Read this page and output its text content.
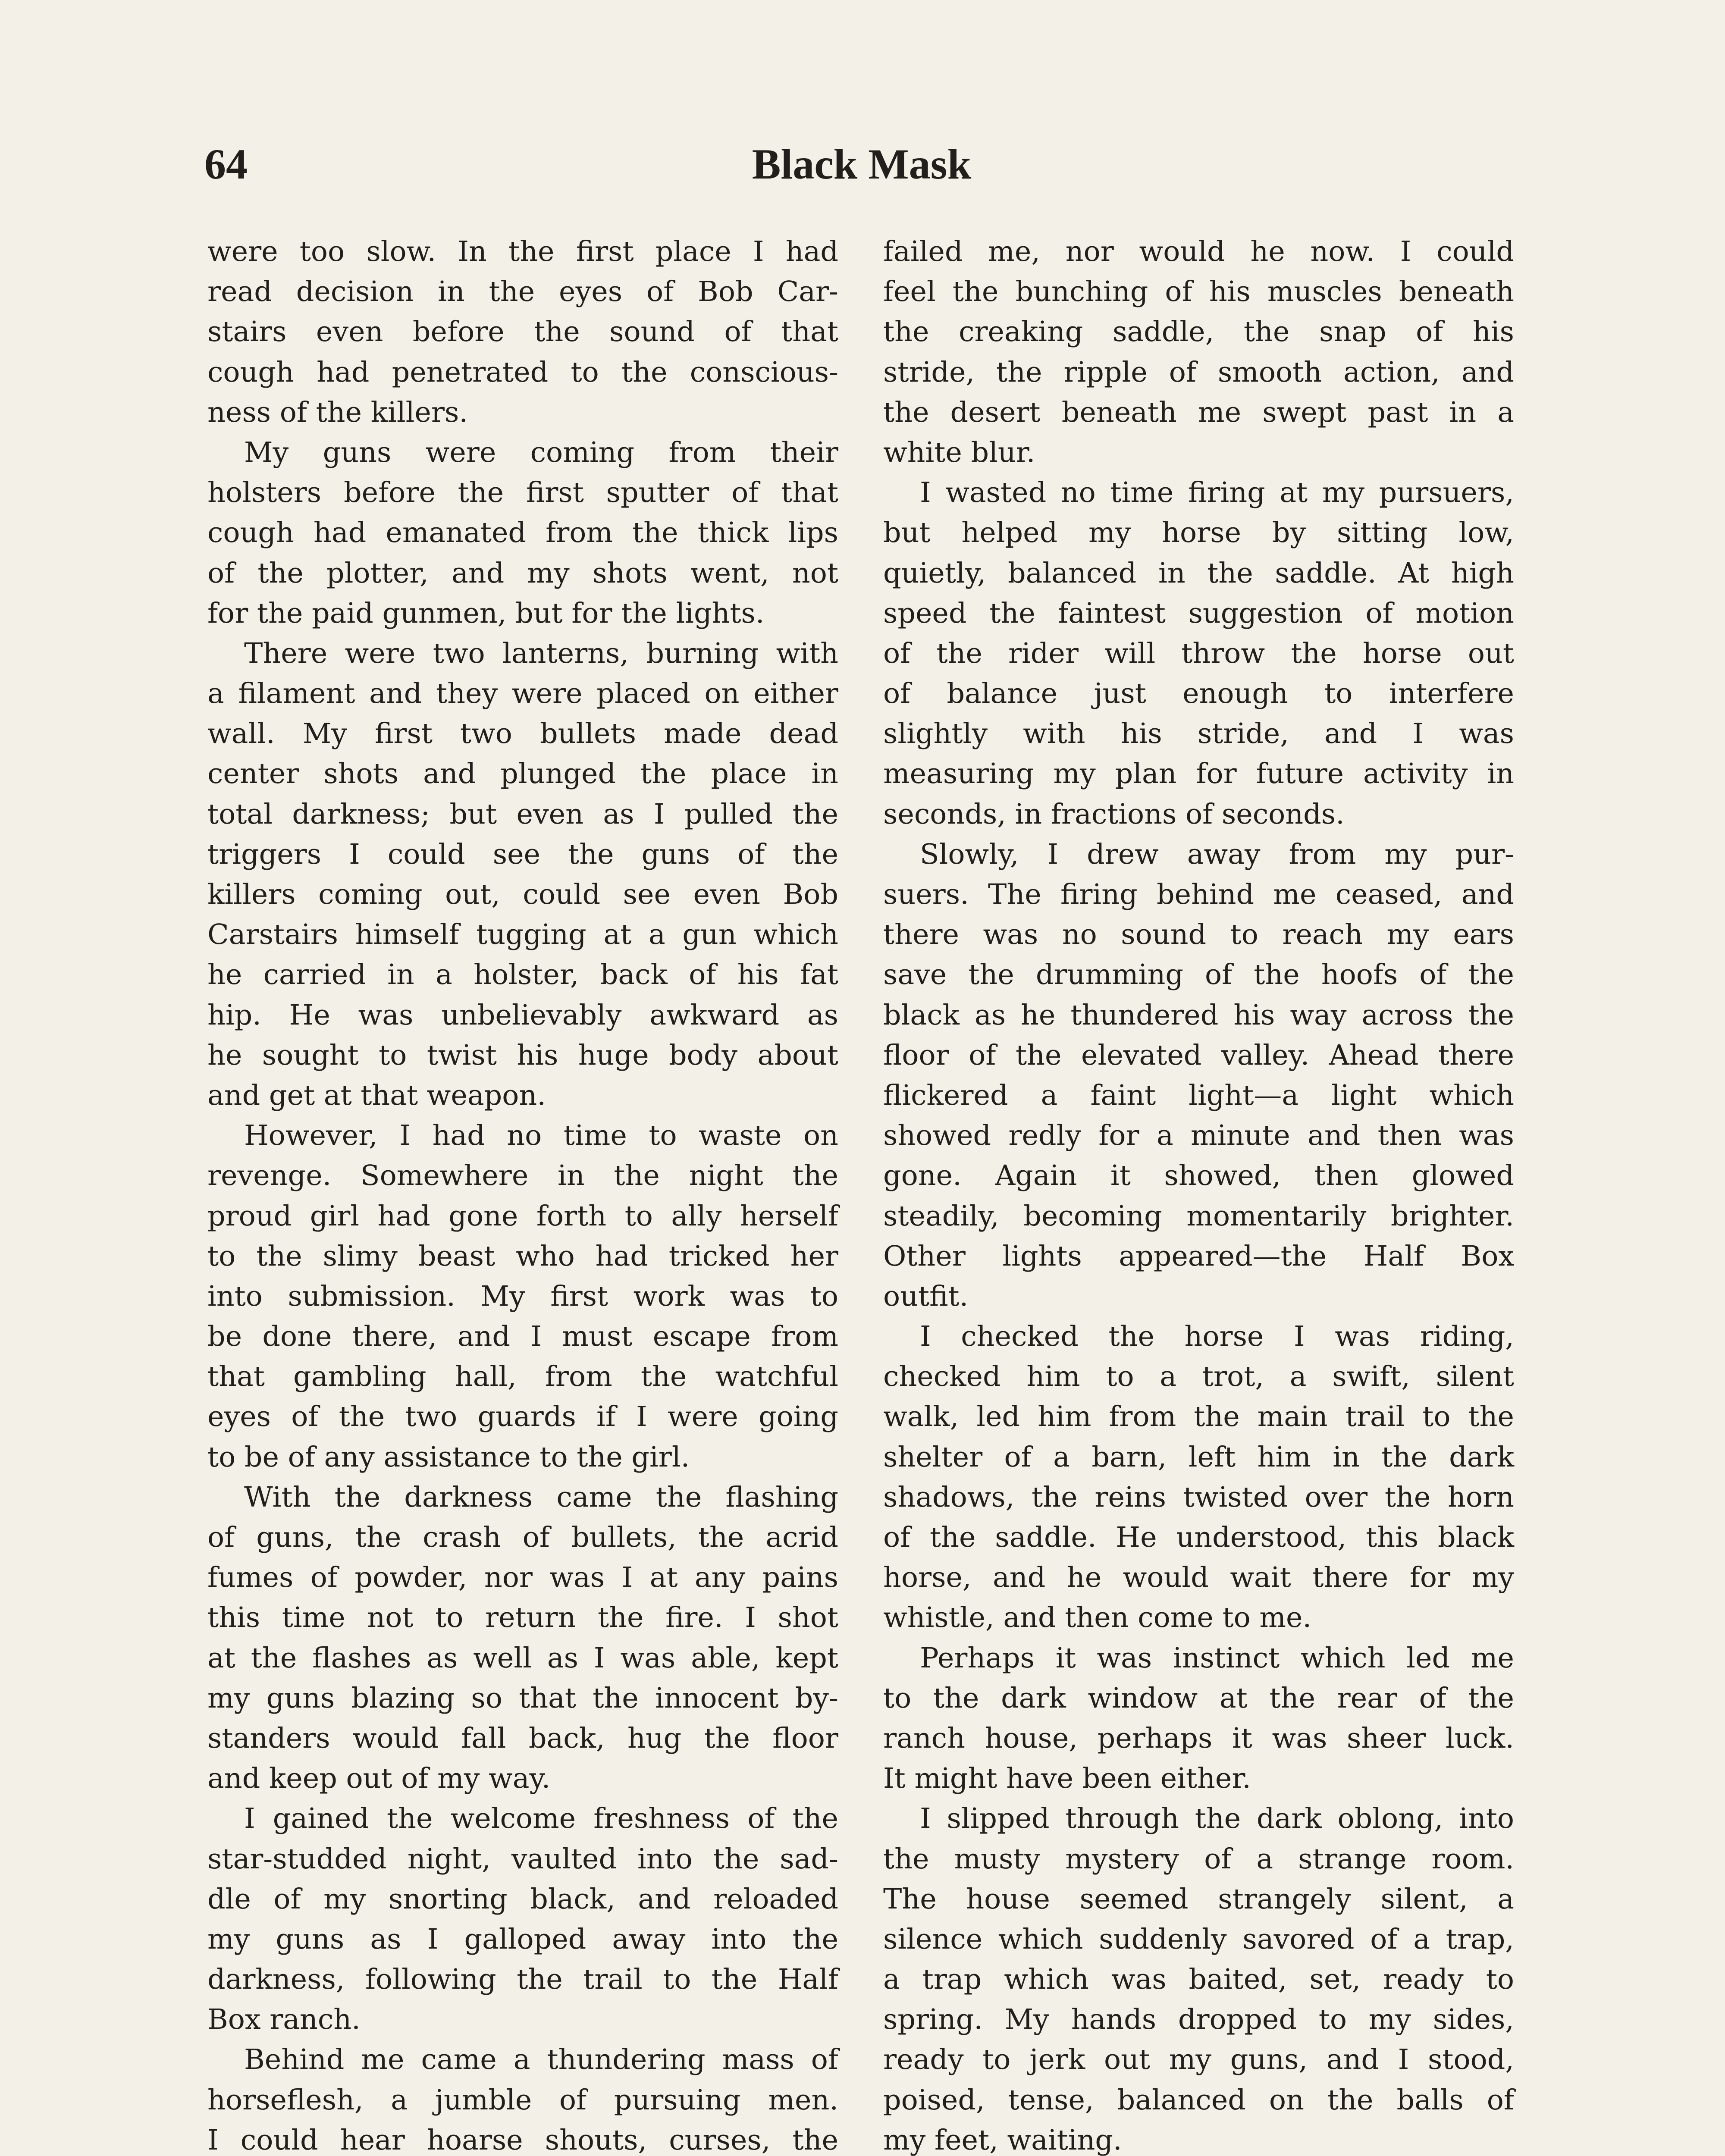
64	Black Mask
were too slow. In the first place I had
read decision in the eyes of Bob Car-
stairs even before the sound of that
cough had penetrated to the conscious-
ness of the killers.
My guns were coming from their
holsters before the first sputter of that
cough had emanated from the thick lips
of the plotter, and my shots went, not
for the paid gunmen, but for the lights.
There were two lanterns, burning with
a filament and they were placed on either
wall. My first two bullets made dead
center shots and plunged the place in
total darkness; but even as I pulled the
triggers I could see the guns of the
killers coming out, could see even Bob
Carstairs himself tugging at a gun which
he carried in a holster, back of his fat
hip. He was unbelievably awkward as
he sought to twist his huge body about
and get at that weapon.
However, I had no time to waste on
revenge. Somewhere in the night the
proud girl had gone forth to ally herself
to the slimy beast who had tricked her
into submission. My first work was to
be done there, and I must escape from
that gambling hall, from the watchful
eyes of the two guards if I were going
to be of any assistance to the girl.
With the darkness came the flashing
of guns, the crash of bullets, the acrid
fumes of powder, nor was I at any pains
this time not to return the fire. I shot
at the flashes as well as I was able, kept
my guns blazing so that the innocent by-
standers would fall back, hug the floor
and keep out of my way.
I gained the welcome freshness of the
star-studded night, vaulted into the sad-
dle of my snorting black, and reloaded
my guns as I galloped away into the
darkness, following the trail to the Half
Box ranch.
Behind me came a thundering mass of
horseflesh, a jumble of pursuing men.
I could hear hoarse shouts, curses, the
failed me, nor would he now. I could
feel the bunching of his muscles beneath
the creaking saddle, the snap of his
stride, the ripple of smooth action, and
the desert beneath me swept past in a
white blur.
I wasted no time firing at my pursuers,
but helped my horse by sitting low,
quietly, balanced in the saddle. At high
speed the faintest suggestion of motion
of the rider will throw the horse out
of balance just enough to interfere
slightly with his stride, and I was
measuring my plan for future activity in
seconds, in fractions of seconds.
Slowly, I drew away from my pur-
suers. The firing behind me ceased, and
there was no sound to reach my ears
save the drumming of the hoofs of the
black as he thundered his way across the
floor of the elevated valley. Ahead there
flickered a faint light—a light which
showed redly for a minute and then was
gone. Again it showed, then glowed
steadily, becoming momentarily brighter.
Other lights appeared—the Half Box
outfit.
I checked the horse I was riding,
checked him to a trot, a swift, silent
walk, led him from the main trail to the
shelter of a barn, left him in the dark
shadows, the reins twisted over the horn
of the saddle. He understood, this black
horse, and he would wait there for my
whistle, and then come to me.
Perhaps it was instinct which led me
to the dark window at the rear of the
ranch house, perhaps it was sheer luck.
It might have been either.
I slipped through the dark oblong, into
the musty mystery of a strange room.
The house seemed strangely silent, a
silence which suddenly savored of a trap,
a trap which was baited, set, ready to
spring. My hands dropped to my sides,
ready to jerk out my guns, and I stood,
poised, tense, balanced on the balls of
my feet, waiting.
